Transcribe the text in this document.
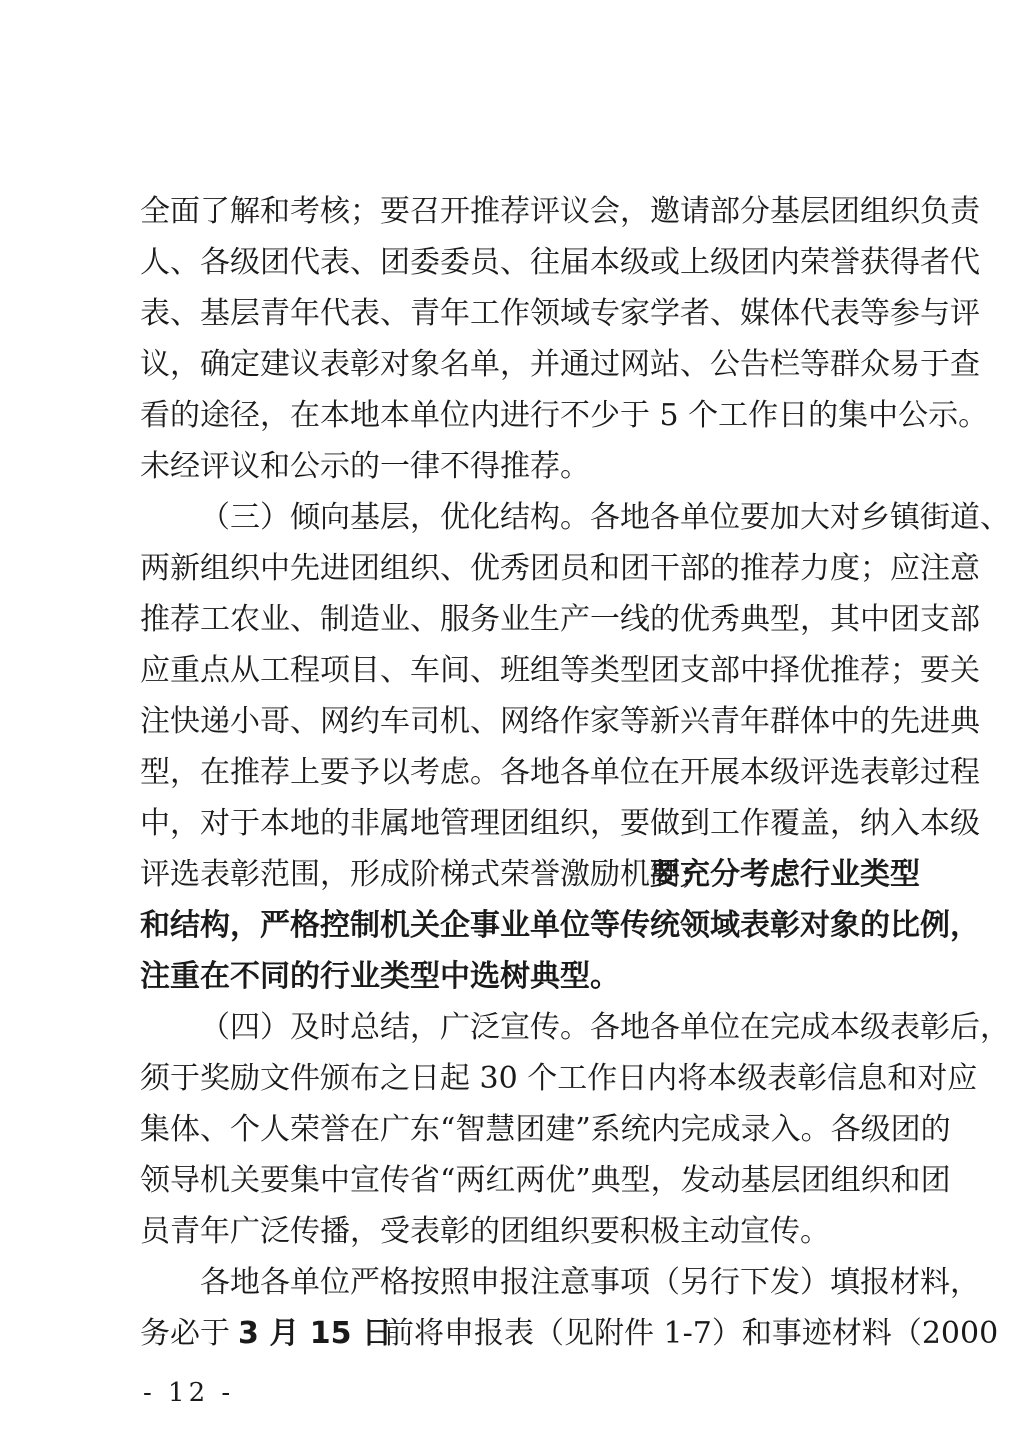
全面了解和考核；要召开推荐评议会，邀请部分基层团组织负责
人、各级团代表、团委委员、往届本级或上级团内荣誉获得者代
表、基层青年代表、青年工作领域专家学者、媒体代表等参与评
议，确定建议表彰对象名单，并通过网站、公告栏等群众易于查
看的途径，在本地本单位内进行不少于 5 个工作日的集中公示。
未经评议和公示的一律不得推荐。
（三）倾向基层，优化结构。各地各单位要加大对乡镇街道、
两新组织中先进团组织、优秀团员和团干部的推荐力度；应注意
推荐工农业、制造业、服务业生产一线的优秀典型，其中团支部
应重点从工程项目、车间、班组等类型团支部中择优推荐；要关
注快递小哥、网约车司机、网络作家等新兴青年群体中的先进典
型，在推荐上要予以考虑。各地各单位在开展本级评选表彰过程
中，对于本地的非属地管理团组织，要做到工作覆盖，纳入本级
评选表彰范围，形成阶梯式荣誉激励机制；
要充分考虑行业类型
和结构，严格控制机关企事业单位等传统领域表彰对象的比例，
注重在不同的行业类型中选树典型。
（四）及时总结，广泛宣传。各地各单位在完成本级表彰后，
须于奖励文件颁布之日起 30 个工作日内将本级表彰信息和对应
集体、个人荣誉在广东“智慧团建”系统内完成录入。各级团的
领导机关要集中宣传省“两红两优”典型，发动基层团组织和团
员青年广泛传播，受表彰的团组织要积极主动宣传。
各地各单位严格按照申报注意事项（另行下发）填报材料，
务必于 3 月 15 日
前将申报表（见附件 1-7）和事迹材料（2000
- 12 -
